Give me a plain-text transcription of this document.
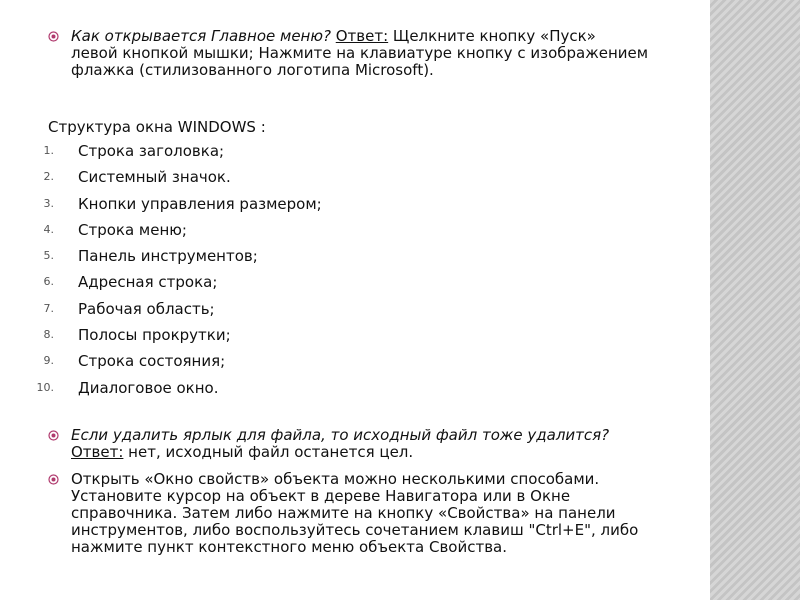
Как открывается Главное меню? Ответ: Щелкните кнопку «Пуск»
левой кнопкой мышки; Нажмите на клавиатуре кнопку с изображением
флажка (стилизованного логотипа Microsoft).
Структура окна WINDOWS :
1. Строка заголовка;
2. Системный значок.
3. Кнопки управления размером;
4. Строка меню;
5. Панель инструментов;
6. Адресная строка;
7. Рабочая область;
8. Полосы прокрутки;
9. Строка состояния;
10. Диалоговое окно.
Если удалить ярлык для файла, то исходный файл тоже удалится?
Ответ: нет, исходный файл останется цел.
Открыть «Окно свойств» объекта можно несколькими способами.
Установите курсор на объект в дереве Навигатора или в Окне
справочника. Затем либо нажмите на кнопку «Свойства» на панели
инструментов, либо воспользуйтесь сочетанием клавиш "Ctrl+E", либо
нажмите пункт контекстного меню объекта Свойства.
